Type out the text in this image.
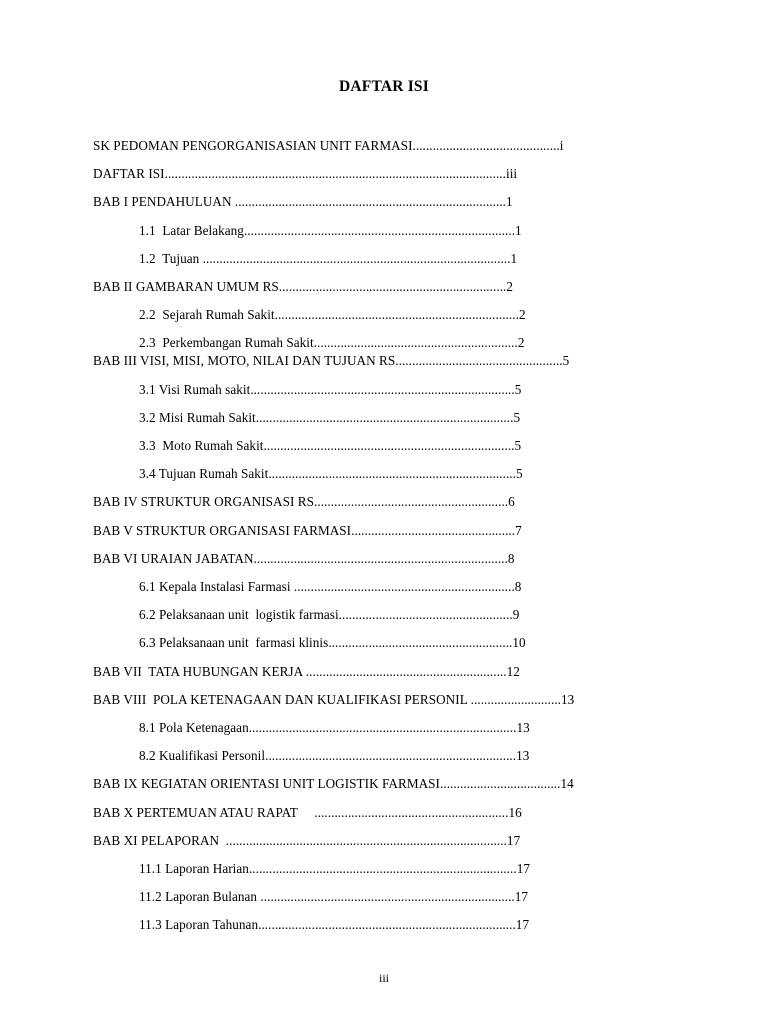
DAFTAR ISI
SK PEDOMAN PENGORGANISASIAN UNIT FARMASI............................................i
DAFTAR ISI......................................................................................................iii
BAB I PENDAHULUAN .................................................................................1
1.1  Latar Belakang.................................................................................1
1.2  Tujuan ............................................................................................1
BAB II GAMBARAN UMUM RS....................................................................2
2.2  Sejarah Rumah Sakit.........................................................................2
2.3  Perkembangan Rumah Sakit.............................................................2
BAB III VISI, MISI, MOTO, NILAI DAN TUJUAN RS..................................................5
3.1 Visi Rumah sakit...............................................................................5
3.2 Misi Rumah Sakit.............................................................................5
3.3  Moto Rumah Sakit...........................................................................5
3.4 Tujuan Rumah Sakit..........................................................................5
BAB IV STRUKTUR ORGANISASI RS..........................................................6
BAB V STRUKTUR ORGANISASI FARMASI.................................................7
BAB VI URAIAN JABATAN............................................................................8
6.1 Kepala Instalasi Farmasi ..................................................................8
6.2 Pelaksanaan unit  logistik farmasi....................................................9
6.3 Pelaksanaan unit  farmasi klinis.......................................................10
BAB VII  TATA HUBUNGAN KERJA ............................................................12
BAB VIII  POLA KETENAGAAN DAN KUALIFIKASI PERSONIL ...........................13
8.1 Pola Ketenagaan................................................................................13
8.2 Kualifikasi Personil...........................................................................13
BAB IX KEGIATAN ORIENTASI UNIT LOGISTIK FARMASI....................................14
BAB X PERTEMUAN ATAU RAPAT     ..........................................................16
BAB XI PELAPORAN  ....................................................................................17
11.1 Laporan Harian................................................................................17
11.2 Laporan Bulanan ............................................................................17
11.3 Laporan Tahunan.............................................................................17
iii
